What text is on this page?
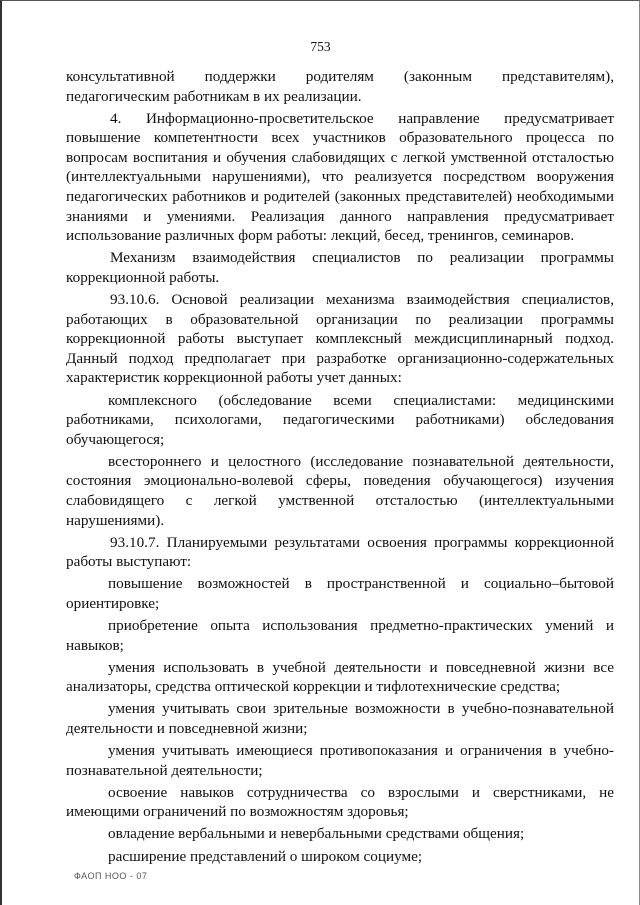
753

консультативной поддержки родителям (законным представителям), педагогическим работникам в их реализации.

4. Информационно-просветительское направление предусматривает повышение компетентности всех участников образовательного процесса по вопросам воспитания и обучения слабовидящих с легкой умственной отсталостью (интеллектуальными нарушениями), что реализуется посредством вооружения педагогических работников и родителей (законных представителей) необходимыми знаниями и умениями. Реализация данного направления предусматривает использование различных форм работы: лекций, бесед, тренингов, семинаров.

Механизм взаимодействия специалистов по реализации программы коррекционной работы.

93.10.6. Основой реализации механизма взаимодействия специалистов, работающих в образовательной организации по реализации программы коррекционной работы выступает комплексный междисциплинарный подход. Данный подход предполагает при разработке организационно-содержательных характеристик коррекционной работы учет данных:

комплексного (обследование всеми специалистами: медицинскими работниками, психологами, педагогическими работниками) обследования обучающегося;

всестороннего и целостного (исследование познавательной деятельности, состояния эмоционально-волевой сферы, поведения обучающегося) изучения слабовидящего с легкой умственной отсталостью (интеллектуальными нарушениями).

93.10.7. Планируемыми результатами освоения программы коррекционной работы выступают:

повышение возможностей в пространственной и социально–бытовой ориентировке;

приобретение опыта использования предметно-практических умений и навыков;

умения использовать в учебной деятельности и повседневной жизни все анализаторы, средства оптической коррекции и тифлотехнические средства;

умения учитывать свои зрительные возможности в учебно-познавательной деятельности и повседневной жизни;

умения учитывать имеющиеся противопоказания и ограничения в учебно-познавательной деятельности;

освоение навыков сотрудничества со взрослыми и сверстниками, не имеющими ограничений по возможностям здоровья;

овладение вербальными и невербальными средствами общения;

расширение представлений о широком социуме;

ФАОП НОО - 07
